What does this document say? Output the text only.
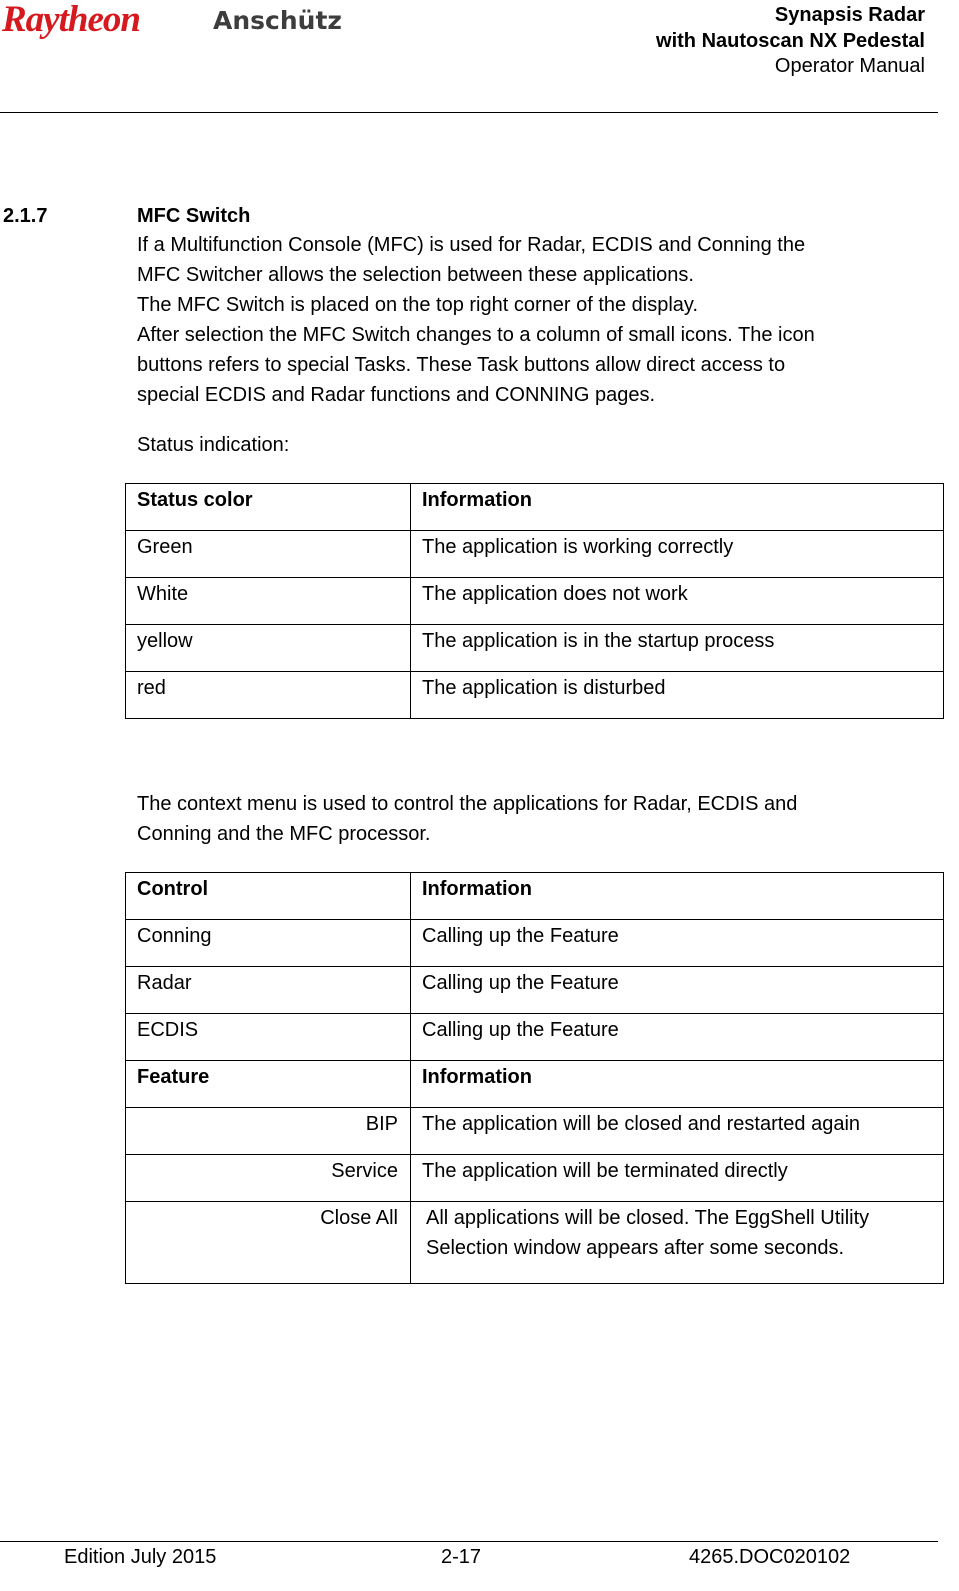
Raytheon	Anschütz	Synapsis Radar
with Nautoscan NX Pedestal
Operator Manual
2.1.7	MFC Switch

If a Multifunction Console (MFC) is used for Radar, ECDIS and Conning the

MFC Switcher allows the selection between these applications.

The MFC Switch is placed on the top right corner of the display.

After selection the MFC Switch changes to a column of small icons. The icon

buttons refers to special Tasks. These Task buttons allow direct access to

special ECDIS and Radar functions and CONNING pages.

Status indication:

Status color	Information
Green	The application is working correctly
White	The application does not work
yellow	The application is in the startup process
red	The application is disturbed

The context menu is used to control the applications for Radar, ECDIS and

Conning and the MFC processor.

Control	Information
Conning	Calling up the Feature
Radar	Calling up the Feature
ECDIS	Calling up the Feature
Feature	Information
BIP	The application will be closed and restarted again
Service	The application will be terminated directly
Close All	All applications will be closed. The EggShell Utility Selection window appears after some seconds.
Edition July 2015	2-17	4265.DOC020102
